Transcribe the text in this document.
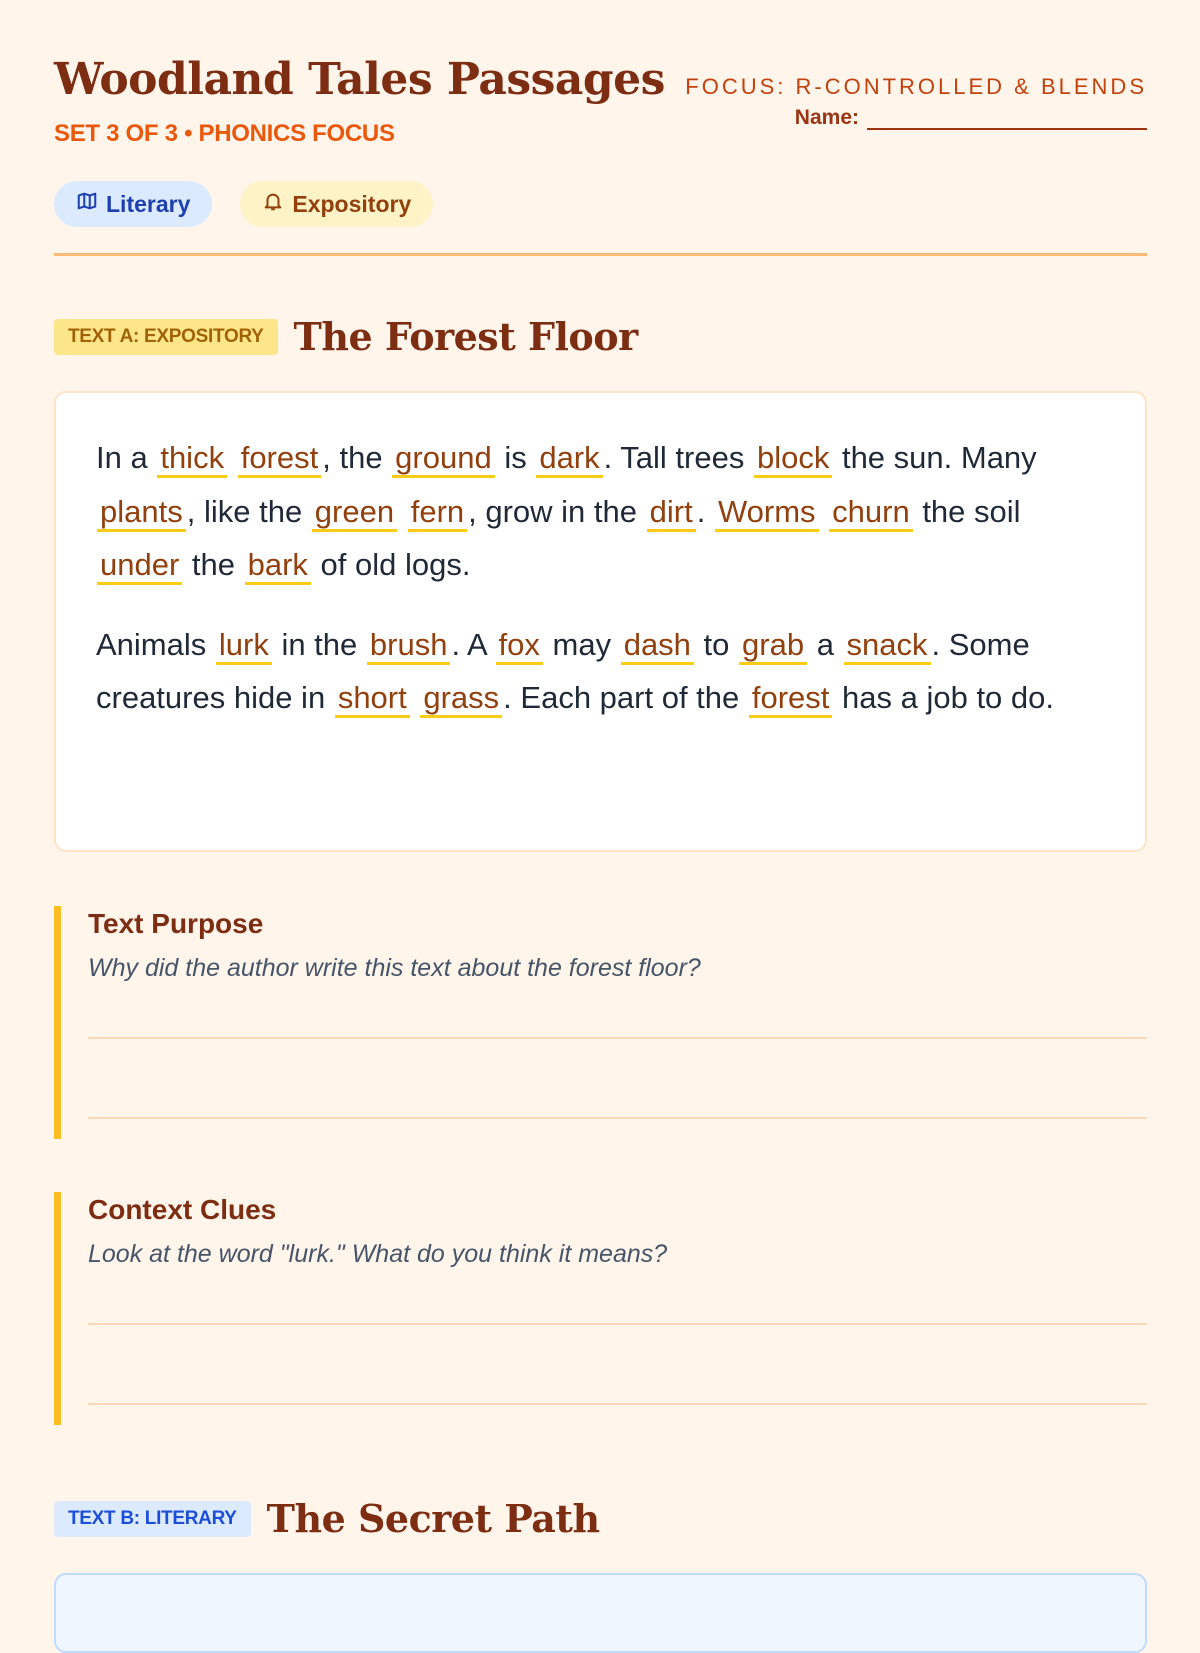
Woodland Tales Passages
SET 3 OF 3 • PHONICS FOCUS
FOCUS: R-CONTROLLED & BLENDS
Name:
Literary	Expository
TEXT A: EXPOSITORY The Forest Floor

In a thick forest , the ground is dark . Tall trees block the sun. Many plants , like the green fern , grow in the dirt . Worms churn the soil under the bark of old logs.

Animals lurk in the brush . A fox may dash to grab a snack . Some creatures hide in short grass . Each part of the forest has a job to do.

Text Purpose
Why did the author write this text about the forest floor?
Context Clues
Look at the word "lurk." What do you think it means?
TEXT B: LITERARY The Secret Path
